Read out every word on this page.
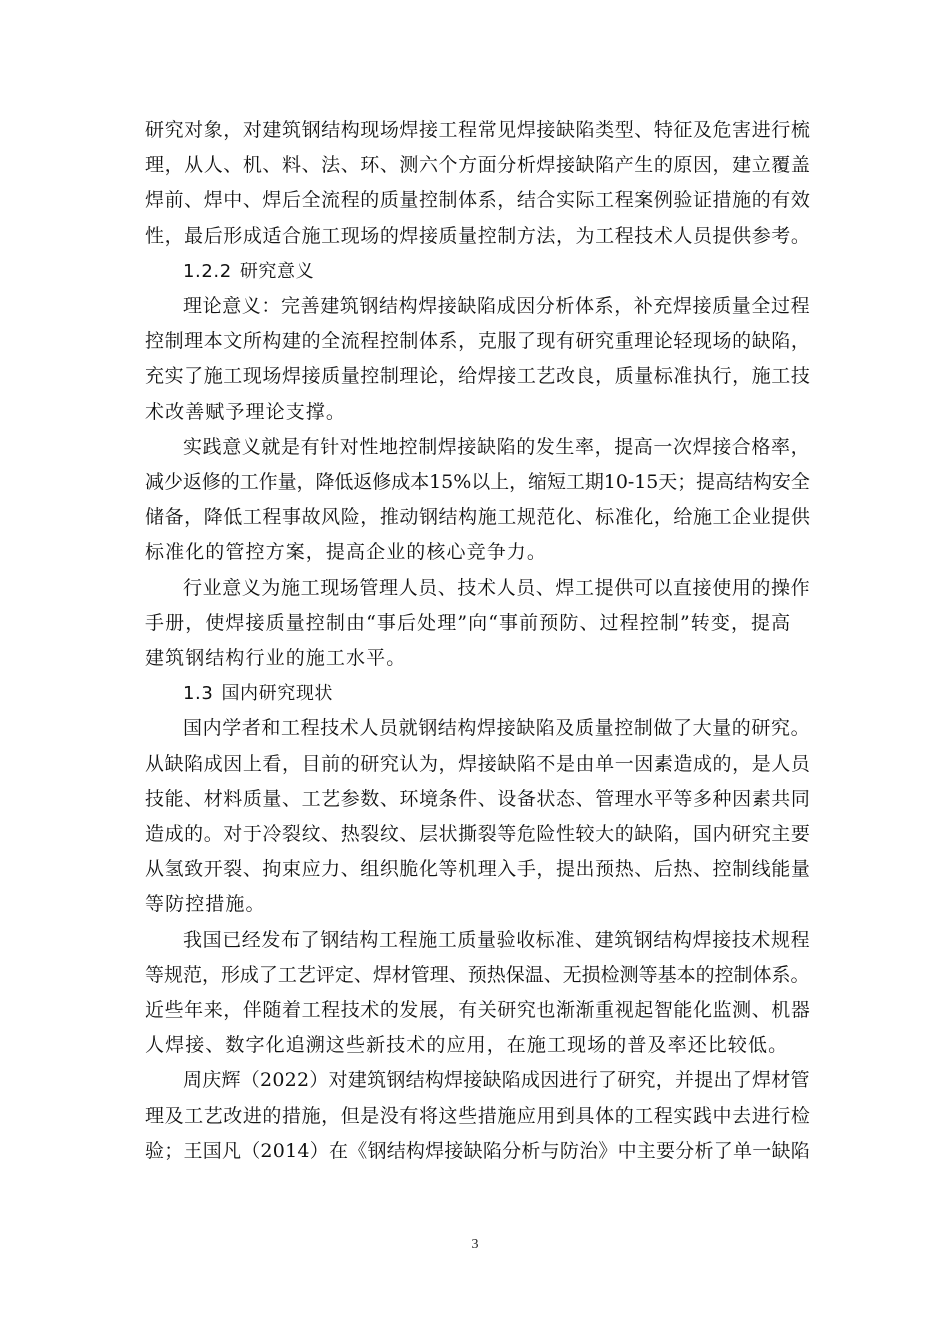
研究对象，对建筑钢结构现场焊接工程常见焊接缺陷类型、特征及危害进行梳
理，从人、机、料、法、环、测六个方面分析焊接缺陷产生的原因，建立覆盖
焊前、焊中、焊后全流程的质量控制体系，结合实际工程案例验证措施的有效
性，最后形成适合施工现场的焊接质量控制方法，为工程技术人员提供参考。

1.2.2 研究意义

理论意义：完善建筑钢结构焊接缺陷成因分析体系，补充焊接质量全过程
控制理本文所构建的全流程控制体系，克服了现有研究重理论轻现场的缺陷，
充实了施工现场焊接质量控制理论，给焊接工艺改良，质量标准执行，施工技
术改善赋予理论支撑。

实践意义就是有针对性地控制焊接缺陷的发生率，提高一次焊接合格率，
减少返修的工作量，降低返修成本15%以上，缩短工期10-15天；提高结构安全
储备，降低工程事故风险，推动钢结构施工规范化、标准化，给施工企业提供
标准化的管控方案，提高企业的核心竞争力。

行业意义为施工现场管理人员、技术人员、焊工提供可以直接使用的操作
手册，使焊接质量控制由“事后处理”向“事前预防、过程控制”转变，提高
建筑钢结构行业的施工水平。

1.3 国内研究现状

国内学者和工程技术人员就钢结构焊接缺陷及质量控制做了大量的研究。
从缺陷成因上看，目前的研究认为，焊接缺陷不是由单一因素造成的，是人员
技能、材料质量、工艺参数、环境条件、设备状态、管理水平等多种因素共同
造成的。对于冷裂纹、热裂纹、层状撕裂等危险性较大的缺陷，国内研究主要
从氢致开裂、拘束应力、组织脆化等机理入手，提出预热、后热、控制线能量
等防控措施。

我国已经发布了钢结构工程施工质量验收标准、建筑钢结构焊接技术规程
等规范，形成了工艺评定、焊材管理、预热保温、无损检测等基本的控制体系。
近些年来，伴随着工程技术的发展，有关研究也渐渐重视起智能化监测、机器
人焊接、数字化追溯这些新技术的应用，在施工现场的普及率还比较低。

周庆辉（2022）对建筑钢结构焊接缺陷成因进行了研究，并提出了焊材管
理及工艺改进的措施，但是没有将这些措施应用到具体的工程实践中去进行检
验；王国凡（2014）在《钢结构焊接缺陷分析与防治》中主要分析了单一缺陷

3
